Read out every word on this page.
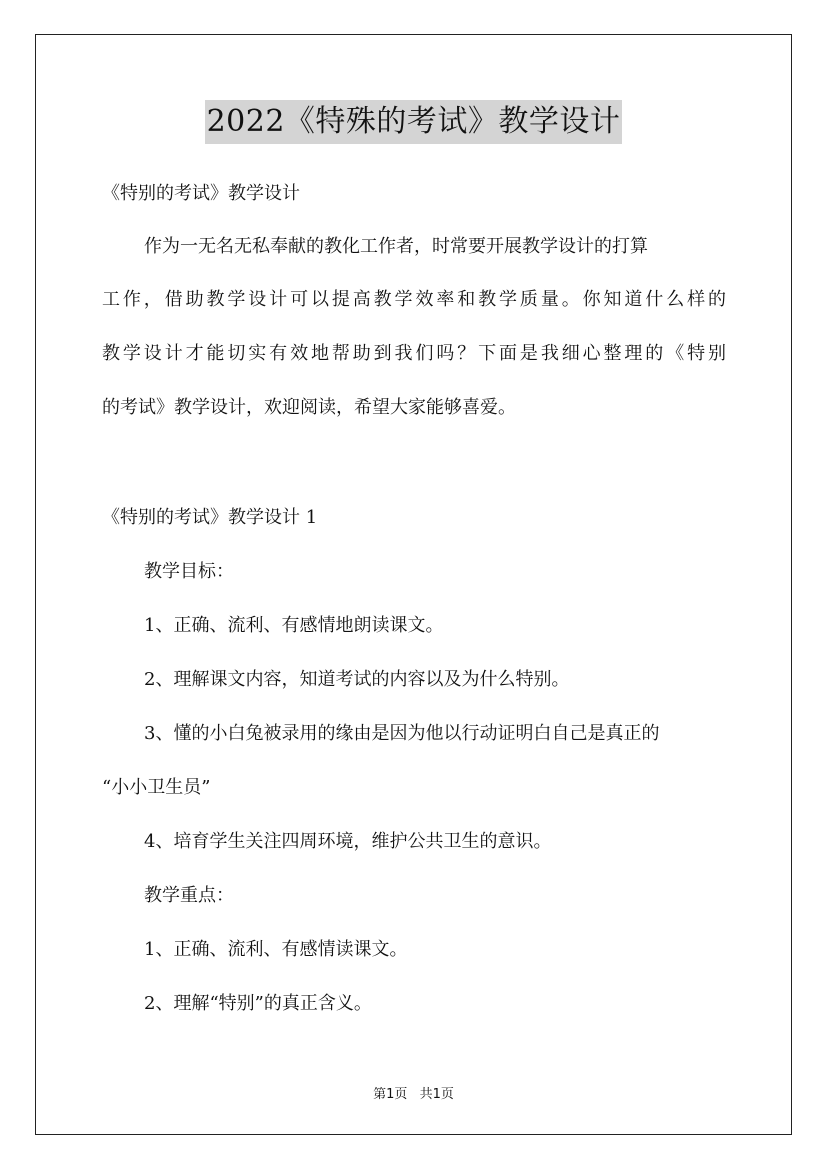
2022《特殊的考试》教学设计
《特别的考试》教学设计
作为一无名无私奉献的教化工作者，时常要开展教学设计的打算
工作，借助教学设计可以提高教学效率和教学质量。你知道什么样的
教学设计才能切实有效地帮助到我们吗？下面是我细心整理的《特别
的考试》教学设计，欢迎阅读，希望大家能够喜爱。
《特别的考试》教学设计 1
教学目标：
1、正确、流利、有感情地朗读课文。
2、理解课文内容，知道考试的内容以及为什么特别。
3、懂的小白兔被录用的缘由是因为他以行动证明白自己是真正的
“小小卫生员”
4、培育学生关注四周环境，维护公共卫生的意识。
教学重点：
1、正确、流利、有感情读课文。
2、理解“特别”的真正含义。
第1页 共1页
